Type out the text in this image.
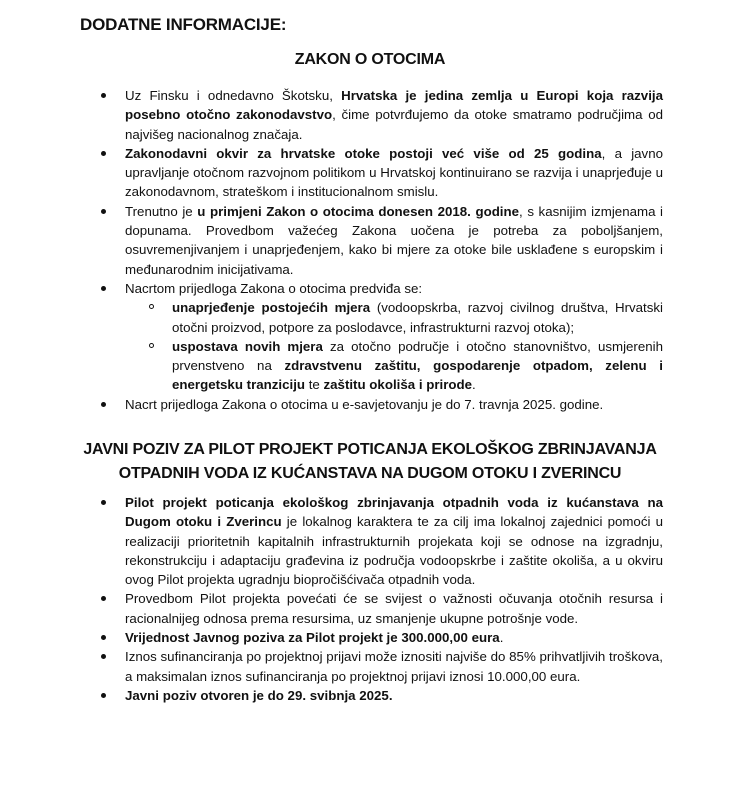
DODATNE INFORMACIJE:
ZAKON O OTOCIMA
Uz Finsku i odnedavno Škotsku, Hrvatska je jedina zemlja u Europi koja razvija posebno otočno zakonodavstvo, čime potvrđujemo da otoke smatramo područjima od najvišeg nacionalnog značaja.
Zakonodavni okvir za hrvatske otoke postoji već više od 25 godina, a javno upravljanje otočnom razvojnom politikom u Hrvatskoj kontinuirano se razvija i unaprjeđuje u zakonodavnom, strateškom i institucionalnom smislu.
Trenutno je u primjeni Zakon o otocima donesen 2018. godine, s kasnijim izmjenama i dopunama. Provedbom važećeg Zakona uočena je potreba za poboljšanjem, osuvremenjivanjem i unaprjeđenjem, kako bi mjere za otoke bile usklađene s europskim i međunarodnim inicijativama.
Nacrtom prijedloga Zakona o otocima predviđa se:
unaprjeđenje postojećih mjera (vodoopskrba, razvoj civilnog društva, Hrvatski otočni proizvod, potpore za poslodavce, infrastrukturni razvoj otoka);
uspostava novih mjera za otočno područje i otočno stanovništvo, usmjerenih prvenstveno na zdravstvenu zaštitu, gospodarenje otpadom, zelenu i energetsku tranziciju te zaštitu okoliša i prirode.
Nacrt prijedloga Zakona o otocima u e-savjetovanju je do 7. travnja 2025. godine.
JAVNI POZIV ZA PILOT PROJEKT POTICANJA EKOLOŠKOG ZBRINJAVANJA OTPADNIH VODA IZ KUĆANSTAVA NA DUGOM OTOKU I ZVERINCU
Pilot projekt poticanja ekološkog zbrinjavanja otpadnih voda iz kućanstava na Dugom otoku i Zverincu je lokalnog karaktera te za cilj ima lokalnoj zajednici pomoći u realizaciji prioritetnih kapitalnih infrastrukturnih projekata koji se odnose na izgradnju, rekonstrukciju i adaptaciju građevina iz područja vodoopskrbe i zaštite okoliša, a u okviru ovog Pilot projekta ugradnju biopročišćivača otpadnih voda.
Provedbom Pilot projekta povećati će se svijest o važnosti očuvanja otočnih resursa i racionalnijeg odnosa prema resursima, uz smanjenje ukupne potrošnje vode.
Vrijednost Javnog poziva za Pilot projekt je 300.000,00 eura.
Iznos sufinanciranja po projektnoj prijavi može iznositi najviše do 85% prihvatljivih troškova, a maksimalan iznos sufinanciranja po projektnoj prijavi iznosi 10.000,00 eura.
Javni poziv otvoren je do 29. svibnja 2025.
